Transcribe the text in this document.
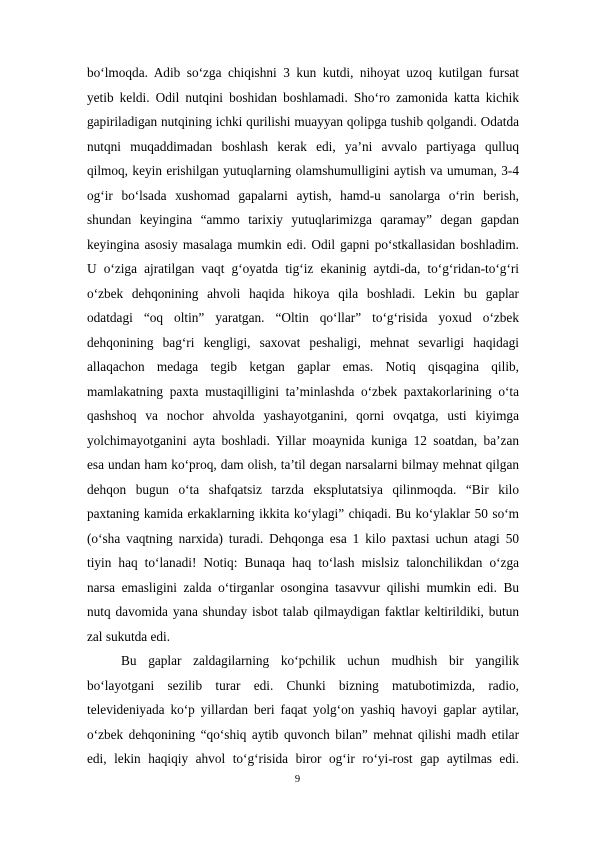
bo‘lmoqda. Adib so‘zga chiqishni 3 kun kutdi, nihoyat uzoq kutilgan fursat
yetib keldi. Odil nutqini boshidan boshlamadi. Sho‘ro zamonida katta kichik
gapiriladigan nutqining ichki qurilishi muayyan qolipga tushib qolgandi. Odatda
nutqni muqaddimadan boshlash kerak edi, ya’ni avvalo partiyaga qulluq
qilmoq, keyin erishilgan yutuqlarning olamshumulligini aytish va umuman, 3-4
og‘ir bo‘lsada xushomad gapalarni aytish, hamd-u sanolarga o‘rin berish,
shundan keyingina “ammo tarixiy yutuqlarimizga qaramay” degan gapdan
keyingina asosiy masalaga mumkin edi. Odil gapni po‘stkallasidan boshladim.
U o‘ziga ajratilgan vaqt g‘oyatda tig‘iz ekaninig aytdi-da, to‘g‘ridan-to‘g‘ri
o‘zbek dehqonining ahvoli haqida hikoya qila boshladi. Lekin bu gaplar
odatdagi “oq oltin” yaratgan. “Oltin qo‘llar” to‘g‘risida yoxud o‘zbek
dehqonining bag‘ri kengligi, saxovat peshaligi, mehnat sevarligi haqidagi
allaqachon medaga tegib ketgan gaplar emas. Notiq qisqagina qilib,
mamlakatning paxta mustaqilligini ta’minlashda o‘zbek paxtakorlarining o‘ta
qashshoq va nochor ahvolda yashayotganini, qorni ovqatga, usti kiyimga
yolchimayotganini ayta boshladi. Yillar moaynida kuniga 12 soatdan, ba’zan
esa undan ham ko‘proq, dam olish, ta’til degan narsalarni bilmay mehnat qilgan
dehqon bugun o‘ta shafqatsiz tarzda eksplutatsiya qilinmoqda. “Bir kilo
paxtaning kamida erkaklarning ikkita ko‘ylagi” chiqadi. Bu ko‘ylaklar 50 so‘m
(o‘sha vaqtning narxida) turadi. Dehqonga esa 1 kilo paxtasi uchun atagi 50
tiyin haq to‘lanadi! Notiq: Bunaqa haq to‘lash mislsiz talonchilikdan o‘zga
narsa emasligini zalda o‘tirganlar osongina tasavvur qilishi mumkin edi. Bu
nutq davomida yana shunday isbot talab qilmaydigan faktlar keltirildiki, butun
zal sukutda edi.
Bu gaplar zaldagilarning ko‘pchilik uchun mudhish bir yangilik
bo‘layotgani sezilib turar edi. Chunki bizning matubotimizda, radio,
televideniyada ko‘p yillardan beri faqat yolg‘on yashiq havoyi gaplar aytilar,
o‘zbek dehqonining “qo‘shiq aytib quvonch bilan” mehnat qilishi madh etilar
edi, lekin haqiqiy ahvol to‘g‘risida biror og‘ir ro‘yi-rost gap aytilmas edi.
9
